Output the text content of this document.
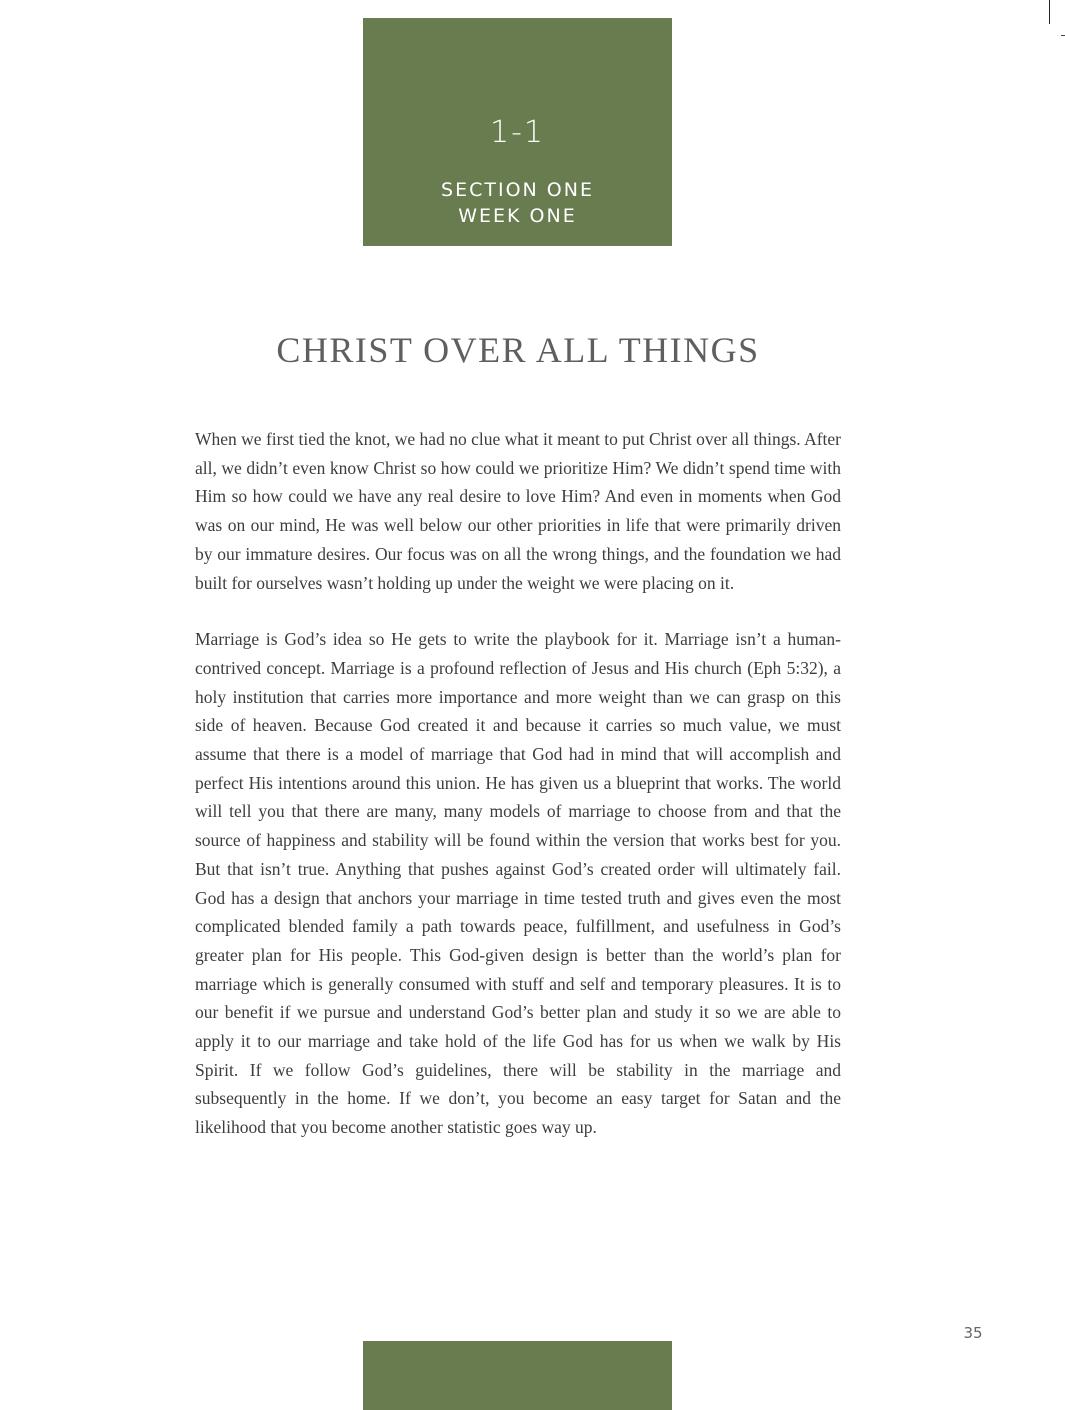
1-1
SECTION ONE
WEEK ONE
CHRIST OVER ALL THINGS

When we first tied the knot, we had no clue what it meant to put Christ over all things. After all, we didn’t even know Christ so how could we prioritize Him? We didn’t spend time with Him so how could we have any real desire to love Him? And even in moments when God was on our mind, He was well below our other priorities in life that were primarily driven by our immature desires. Our focus was on all the wrong things, and the foundation we had built for ourselves wasn’t holding up under the weight we were placing on it.

Marriage is God’s idea so He gets to write the playbook for it. Marriage isn’t a human-contrived concept. Marriage is a profound reflection of Jesus and His church (Eph 5:32), a holy institution that carries more importance and more weight than we can grasp on this side of heaven. Because God created it and because it carries so much value, we must assume that there is a model of marriage that God had in mind that will accomplish and perfect His intentions around this union. He has given us a blueprint that works. The world will tell you that there are many, many models of marriage to choose from and that the source of happiness and stability will be found within the version that works best for you. But that isn’t true. Anything that pushes against God’s created order will ultimately fail. God has a design that anchors your marriage in time tested truth and gives even the most complicated blended family a path towards peace, fulfillment, and usefulness in God’s greater plan for His people. This God-given design is better than the world’s plan for marriage which is generally consumed with stuff and self and temporary pleasures. It is to our benefit if we pursue and understand God’s better plan and study it so we are able to apply it to our marriage and take hold of the life God has for us when we walk by His Spirit. If we follow God’s guidelines, there will be stability in the marriage and subsequently in the home. If we don’t, you become an easy target for Satan and the likelihood that you become another statistic goes way up.

35
